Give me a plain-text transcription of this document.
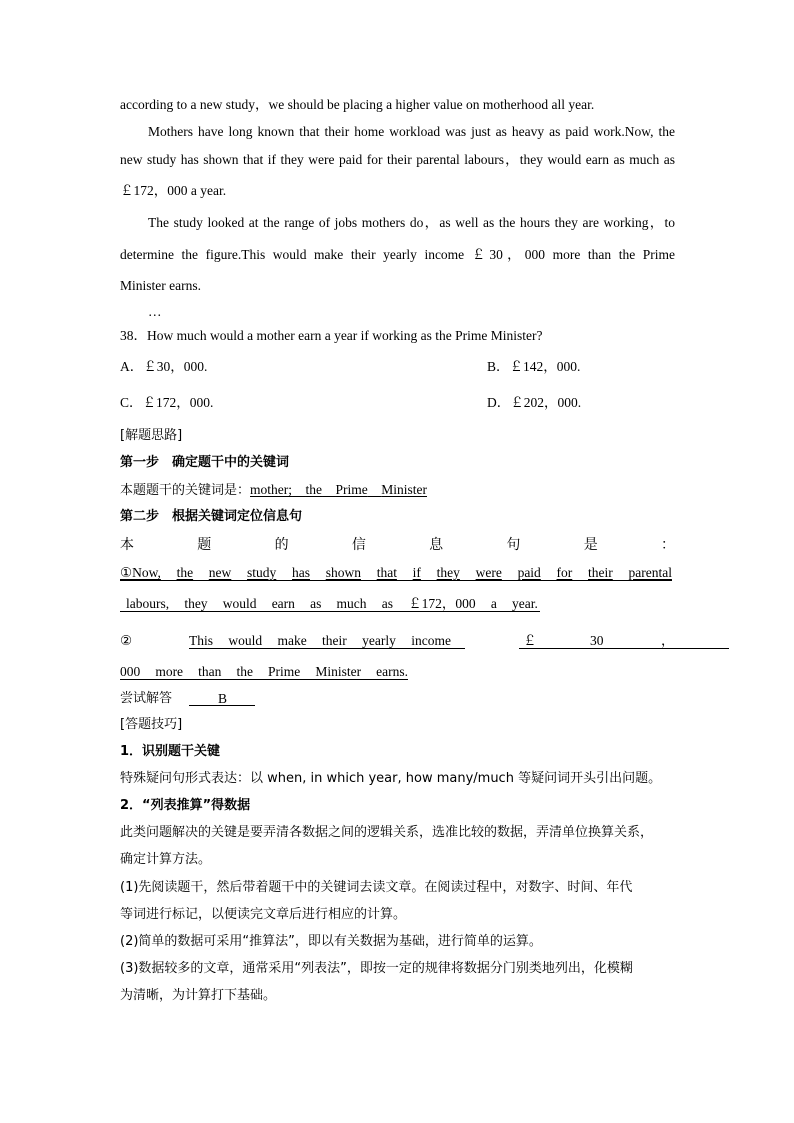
according to a new study，we should be placing a higher value on motherhood all year.
Mothers have long known that their home workload was just as heavy as paid work.Now, the
new study has shown that if they were paid for their parental labours，they would earn as much as
￡172，000 a year.
The study looked at the range of jobs mothers do，as well as the hours they are working，to
determine the figure.This would make their yearly income ￡30，000 more than the Prime
Minister earns.
…
38．How much would a mother earn a year if working as the Prime Minister?
A．￡30，000.	B．￡142，000.
C．￡172，000.	D．￡202，000.
[解题思路]
第一步　确定题干中的关键词
本题题干的关键词是：mother; the Prime Minister
第二步　根据关键词定位信息句
本	题	的	信	息	句	是	：
①Now, the new study has shown that if they were paid for their parental
labours, they would earn as much as ￡172，000 a year.
②	This would make their yearly income	￡	30	，
000 more than the Prime Minister earns.
尝试解答	B
[答题技巧]
1．识别题干关键
特殊疑问句形式表达：以 when, in which year, how many/much 等疑问词开头引出问题。
2．“列表推算”得数据
此类问题解决的关键是要弄清各数据之间的逻辑关系，选准比较的数据，弄清单位换算关系，
确定计算方法。
(1)先阅读题干，然后带着题干中的关键词去读文章。在阅读过程中，对数字、时间、年代
等词进行标记，以便读完文章后进行相应的计算。
(2)简单的数据可采用“推算法”，即以有关数据为基础，进行简单的运算。
(3)数据较多的文章，通常采用“列表法”，即按一定的规律将数据分门别类地列出，化模糊
为清晰，为计算打下基础。
